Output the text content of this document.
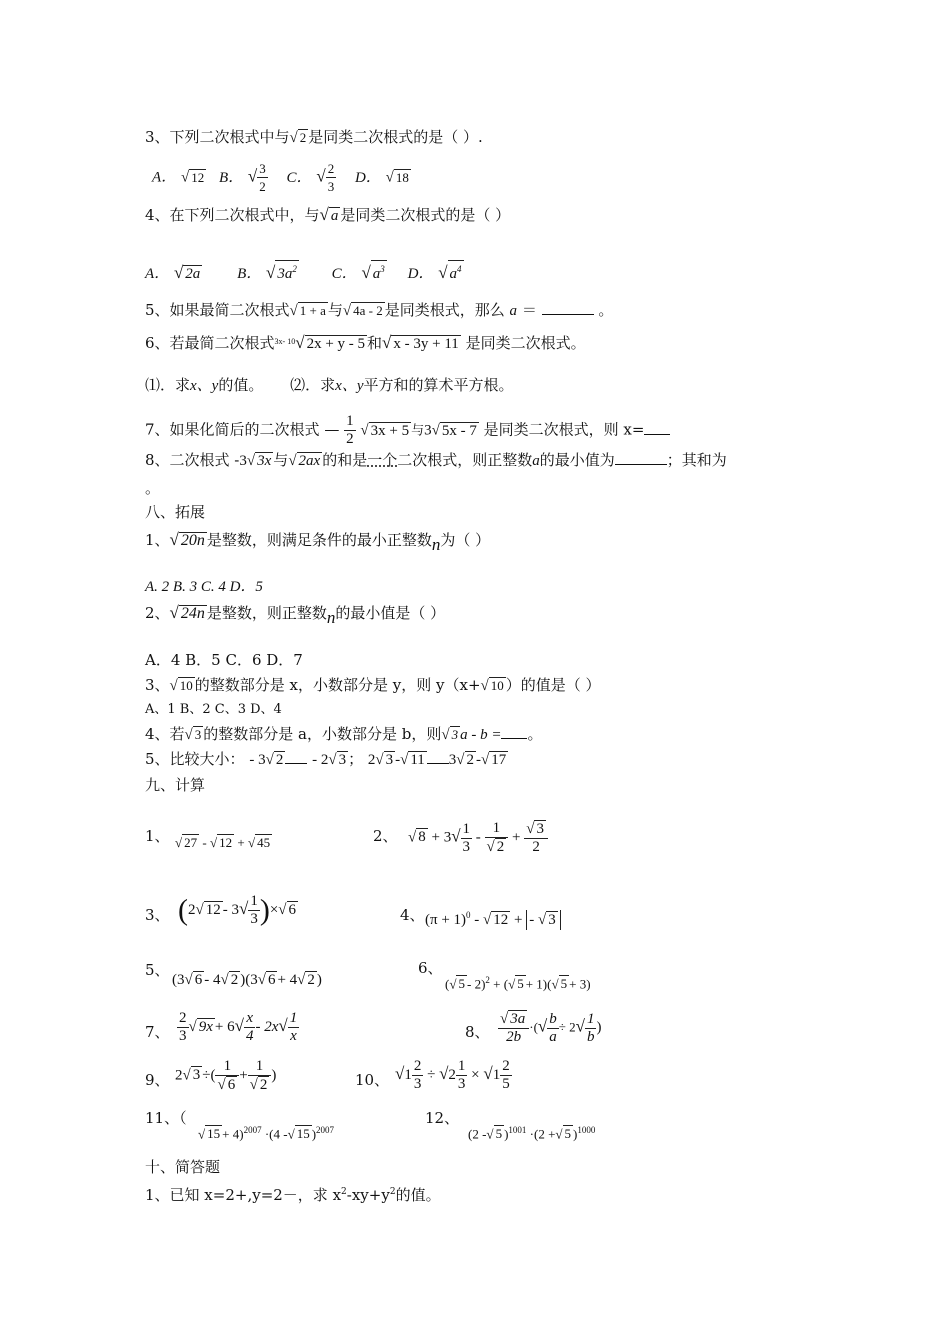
3、下列二次根式中与√ 2 是同类二次根式的是（ ）.
A． √ 12 B． √ $\frac{3}{2}$ C． √ $\frac{2}{3}$ D． √ 18
4、在下列二次根式中，与√ a 是同类二次根式的是（ ）
A． √ 2a B． √ $3a^2$ C． √ $a^3$ D． √ $a^4$
5、如果最简二次根式√ 1 + a 与√ 4a - 2 是同类根式，那么 a ＝	。
6、若最简二次根式$^{3x- 10}$√ 2x + y - 5 和√ x - 3y + 11 是同类二次根式。
⑴．求x、y的值。 ⑵．求x、y平方和的算术平方根。
7、如果化简后的二次根式 — $\frac{1}{2}$ √ 3x + 5 与3√ 5x - 7 是同类二次根式，则 x=
8、二次根式 -3√ 3x 与√ 2ax 的和是一个二次根式，则正整数a的最小值为	；其和为
。
八、拓展
1、√ 20n 是整数，则满足条件的最小正整数n为（ ）
A. 2 B. 3 C. 4 D．5
2、√ 24n 是整数，则正整数n的最小值是（ ）
A．4 B．5 C．6 D．7
3、√ 10 的整数部分是 x，小数部分是 y，则 y（x+√ 10 ）的值是（ ）
A、1 B、2 C、3 D、4
4、若√ 3 的整数部分是 a，小数部分是 b，则√ 3 a - b = 。
5、比较大小： - 3√ 2 - 2√ 3 ； 2√ 3 -√ 11 3√ 2 -√ 17
九、计算
1、 √ 27 - √ 12 + √ 45	2、 √ $8 + 3√ \frac{1}{3} - \frac{1}{√ 2} + \frac{√ 3}{2}$
3、 (2√ $12 - 3√ \frac{1}{3}$ )×√ 6	4、 $(\pi + 1)^0$ - √ 12 + - √ 3
5、
(3√ 6 - 4√ 2 )(3√ 6 + 4√ 2 )
6、
(√ 5 - 2)$^2$ + (√ 5 + 1)(√ 5 + 3)
7、 $\frac{2}{3}$ √ $9x + 6√ \frac{x}{4} - 2x√ \frac{1}{x}$	8、 $\frac{√ 3a}{2b}$ ·(√ $\frac{b}{a} \div 2√ \frac{1}{b}$ )
9、 2√ 3 ÷( $\frac{1}{√ 6} + \frac{1}{√ 2}$ )	10、 $√1 \frac{2}{3} \div √2 \frac{1}{3} \times √1 \frac{2}{5}$
11、（
√ 15 + 4)$^{2007}$ ·(4 -√ 15 )$^{2007}$
12、
(2 -√ 5 )$^{1001}$ ·(2 +√ 5 )$^{1000}$
十、简答题
1、已知 x=2+,y=2－，求 $x^2-xy+y^2$的值。
